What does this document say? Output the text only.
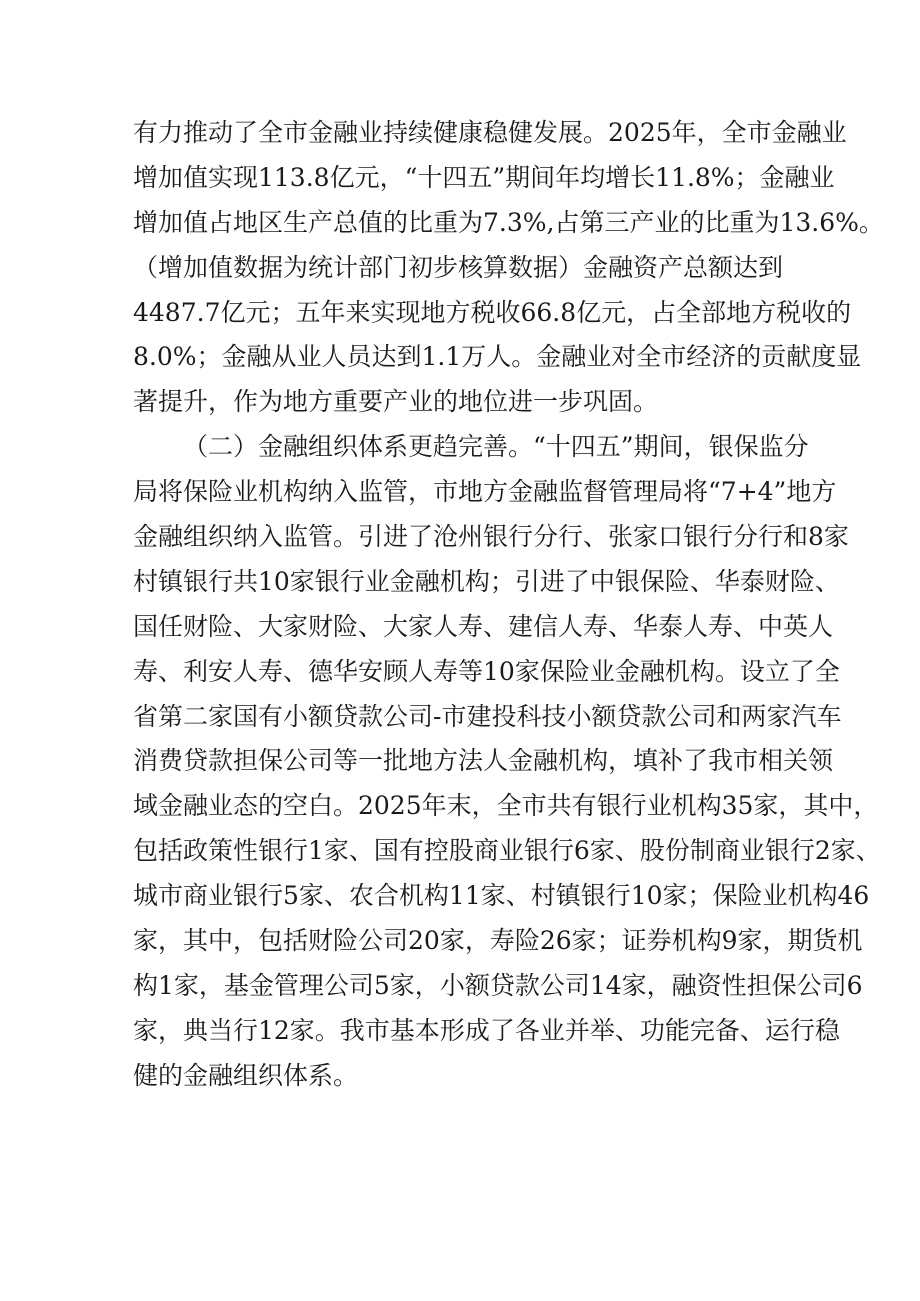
有力推动了全市金融业持续健康稳健发展。2025年，全市金融业
增加值实现113.8亿元，“十四五”期间年均增长11.8%；金融业
增加值占地区生产总值的比重为7.3%,占第三产业的比重为13.6%。
（增加值数据为统计部门初步核算数据）金融资产总额达到
4487.7亿元；五年来实现地方税收66.8亿元，占全部地方税收的
8.0%；金融从业人员达到1.1万人。金融业对全市经济的贡献度显
著提升，作为地方重要产业的地位进一步巩固。
（二）金融组织体系更趋完善。“十四五”期间，银保监分
局将保险业机构纳入监管，市地方金融监督管理局将“7+4”地方
金融组织纳入监管。引进了沧州银行分行、张家口银行分行和8家
村镇银行共10家银行业金融机构；引进了中银保险、华泰财险、
国任财险、大家财险、大家人寿、建信人寿、华泰人寿、中英人
寿、利安人寿、德华安顾人寿等10家保险业金融机构。设立了全
省第二家国有小额贷款公司-市建投科技小额贷款公司和两家汽车
消费贷款担保公司等一批地方法人金融机构，填补了我市相关领
域金融业态的空白。2025年末，全市共有银行业机构35家，其中，
包括政策性银行1家、国有控股商业银行6家、股份制商业银行2家、
城市商业银行5家、农合机构11家、村镇银行10家；保险业机构46
家，其中，包括财险公司20家，寿险26家；证券机构9家，期货机
构1家，基金管理公司5家，小额贷款公司14家，融资性担保公司6
家，典当行12家。我市基本形成了各业并举、功能完备、运行稳
健的金融组织体系。
